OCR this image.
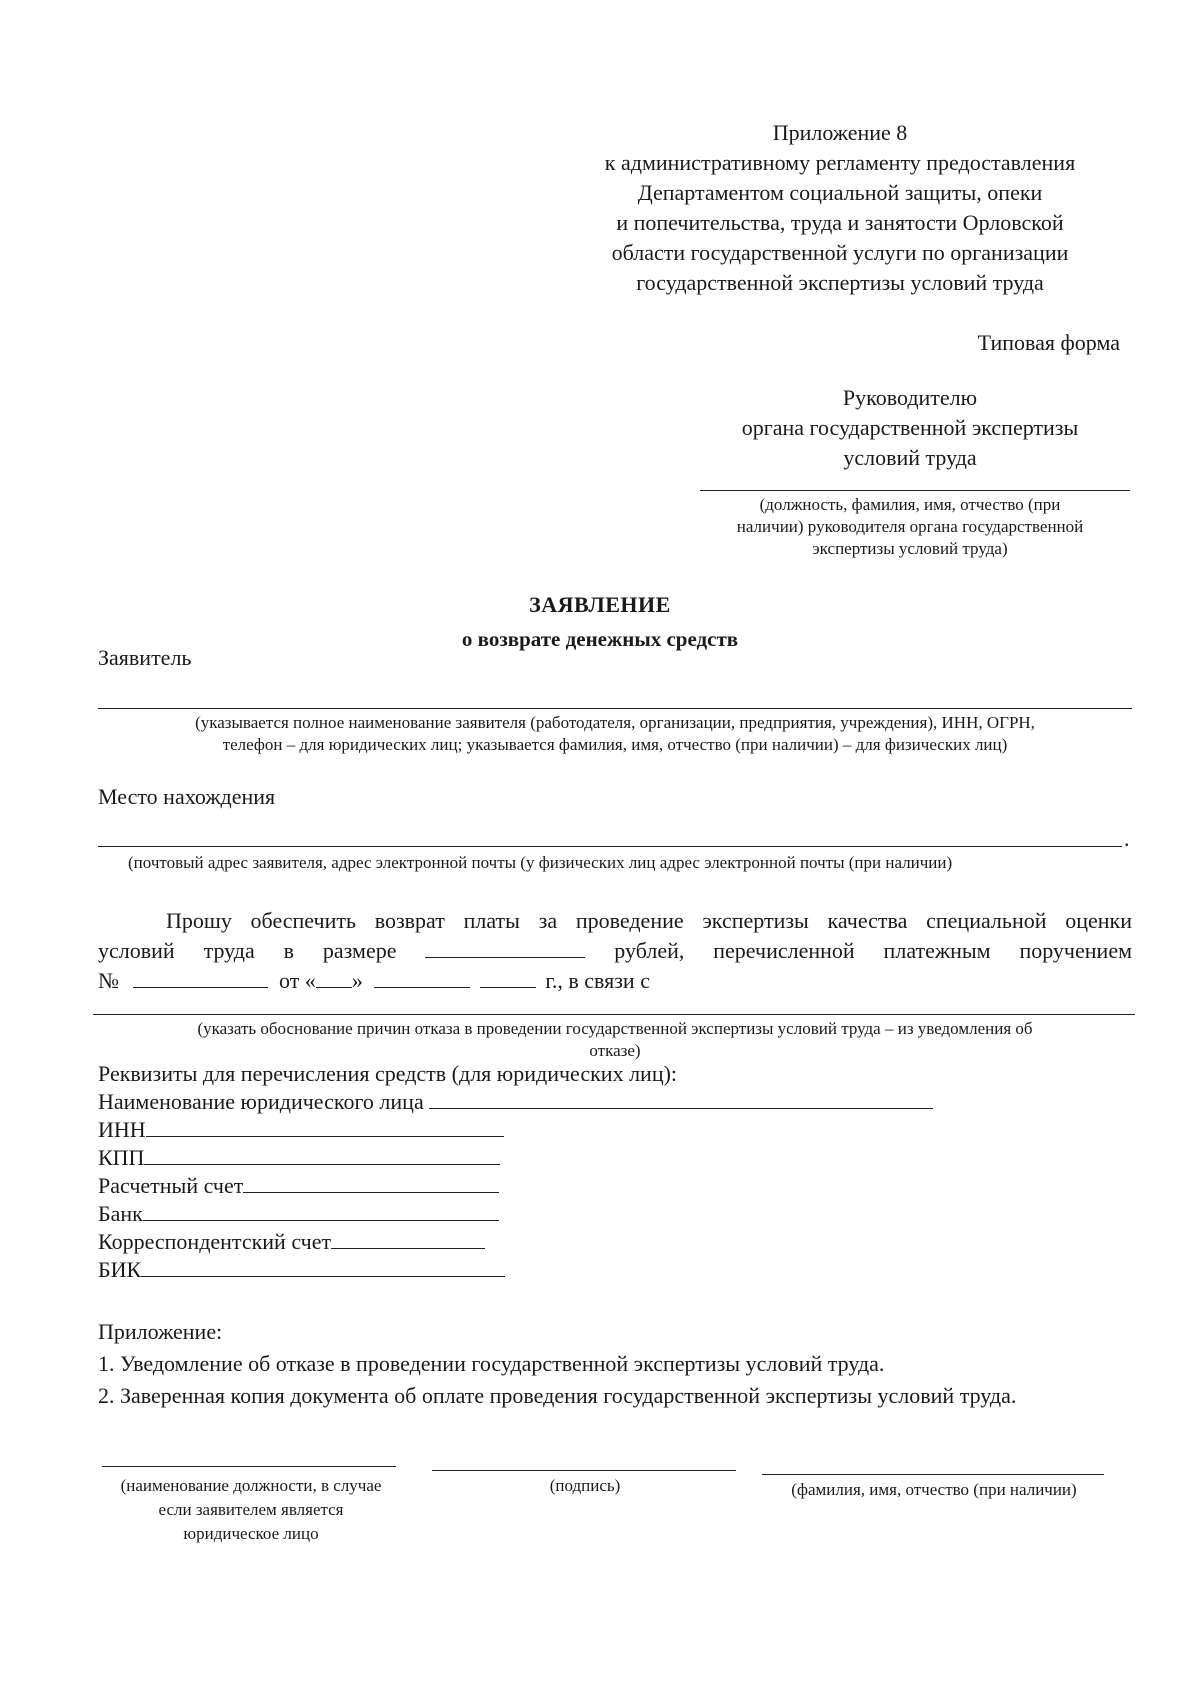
Приложение 8
к административному регламенту предоставления
Департаментом социальной защиты, опеки
и попечительства, труда и занятости Орловской
области государственной услуги по организации
государственной экспертизы условий труда
Типовая форма
Руководителю
органа государственной экспертизы
условий труда
(должность, фамилия, имя, отчество (при
наличии) руководителя органа государственной
экспертизы условий труда)
ЗАЯВЛЕНИЕ
о возврате денежных средств
Заявитель
(указывается полное наименование заявителя (работодателя, организации, предприятия, учреждения), ИНН, ОГРН,
телефон – для юридических лиц; указывается фамилия, имя, отчество (при наличии) – для физических лиц)
Место нахождения
.
(почтовый адрес заявителя, адрес электронной почты (у физических лиц адрес электронной почты (при наличии)
Прошу обеспечить возврат платы за проведение экспертизы качества специальной оценки
условий труда в размере	рублей, перечисленной платежным поручением
№	от « »	г., в связи с
(указать обоснование причин отказа в проведении государственной экспертизы условий труда – из уведомления об
отказе)
Реквизиты для перечисления средств (для юридических лиц):
Наименование юридического лица
ИНН
КПП
Расчетный счет
Банк
Корреспондентский счет
БИК
Приложение:
1. Уведомление об отказе в проведении государственной экспертизы условий труда.
2. Заверенная копия документа об оплате проведения государственной экспертизы условий труда.
(наименование должности, в случае
если заявителем является
юридическое лицо
(подпись)	(фамилия, имя, отчество (при наличии)
